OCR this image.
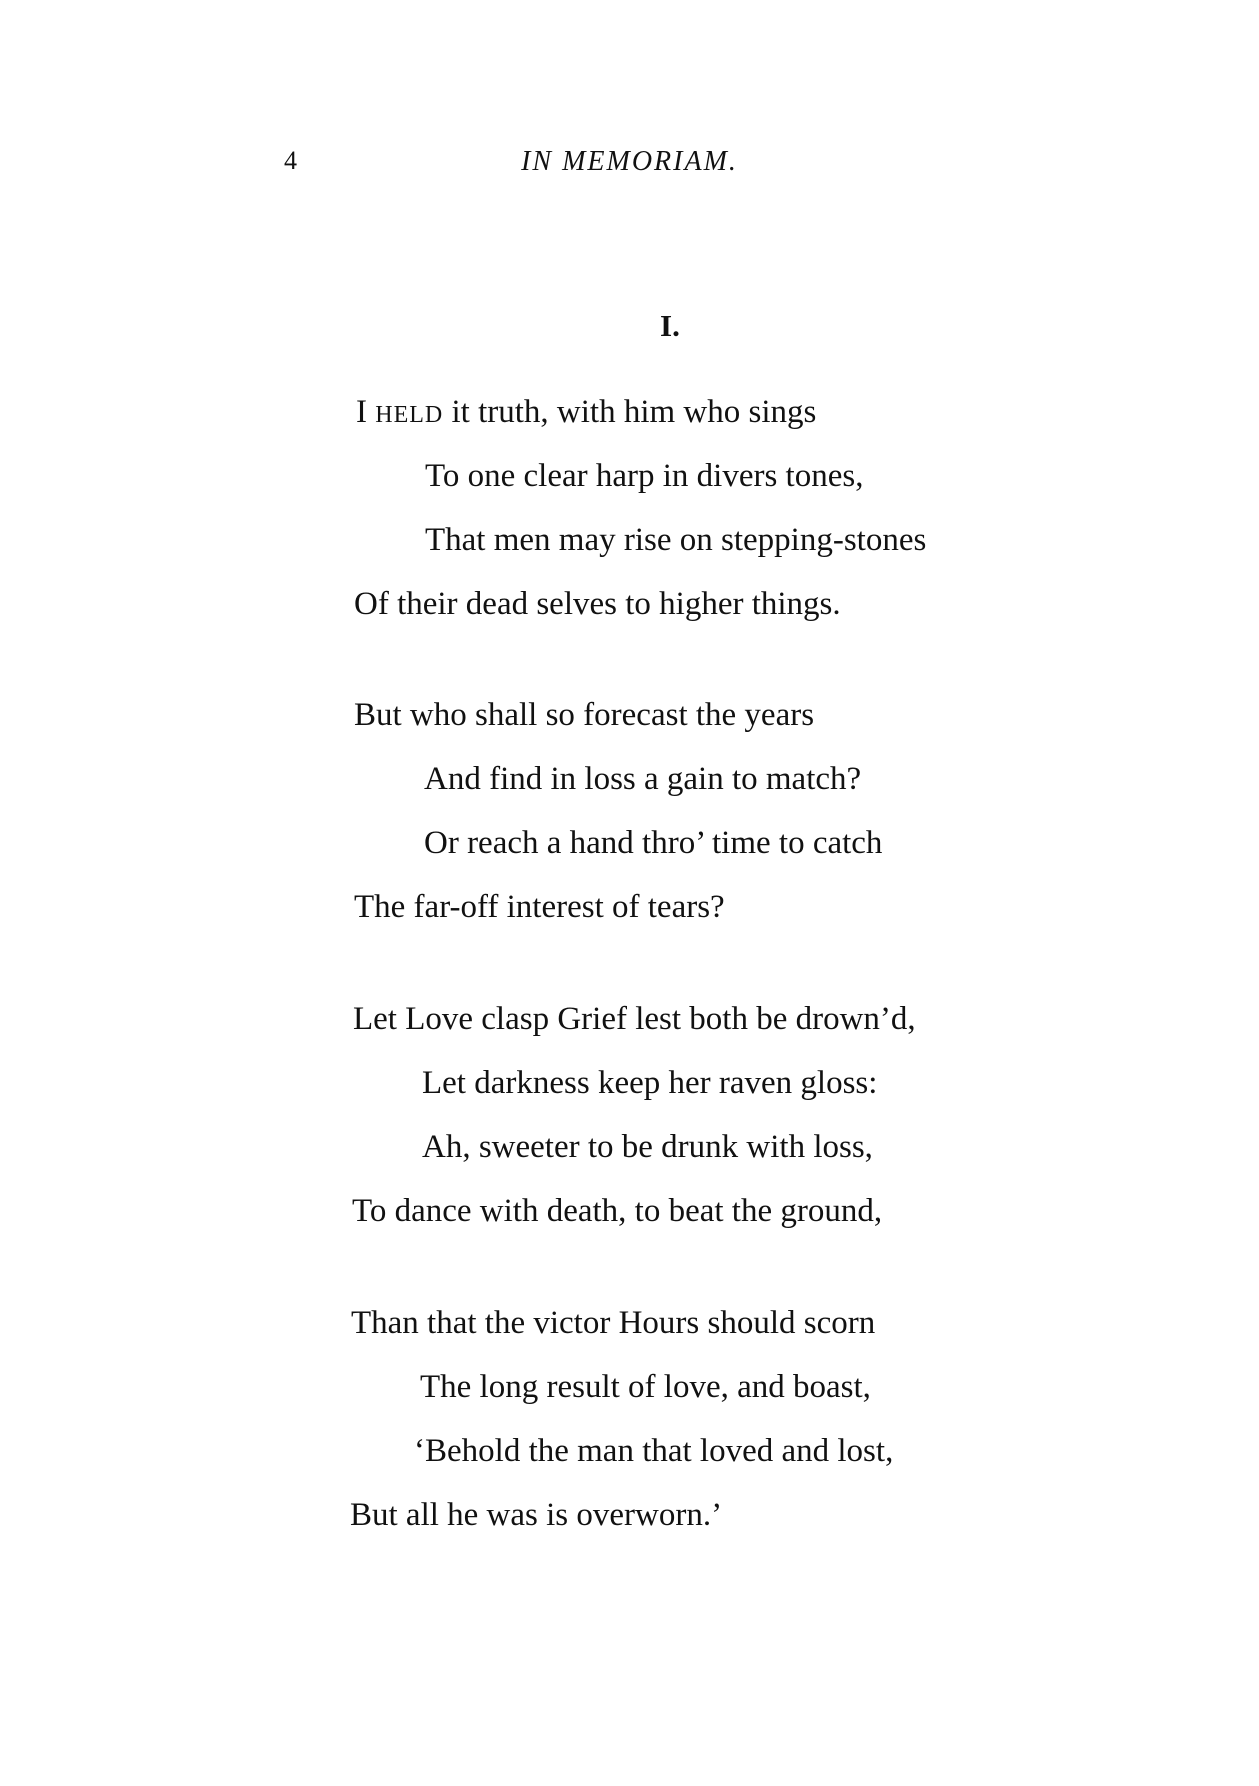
4	IN MEMORIAM.
I.
I HELD it truth, with him who sings
To one clear harp in divers tones,
That men may rise on stepping-stones
Of their dead selves to higher things.
But who shall so forecast the years
And find in loss a gain to match?
Or reach a hand thro’ time to catch
The far-off interest of tears?
Let Love clasp Grief lest both be drown’d,
Let darkness keep her raven gloss:
Ah, sweeter to be drunk with loss,
To dance with death, to beat the ground,
Than that the victor Hours should scorn
The long result of love, and boast,
‘Behold the man that loved and lost,
But all he was is overworn.’
